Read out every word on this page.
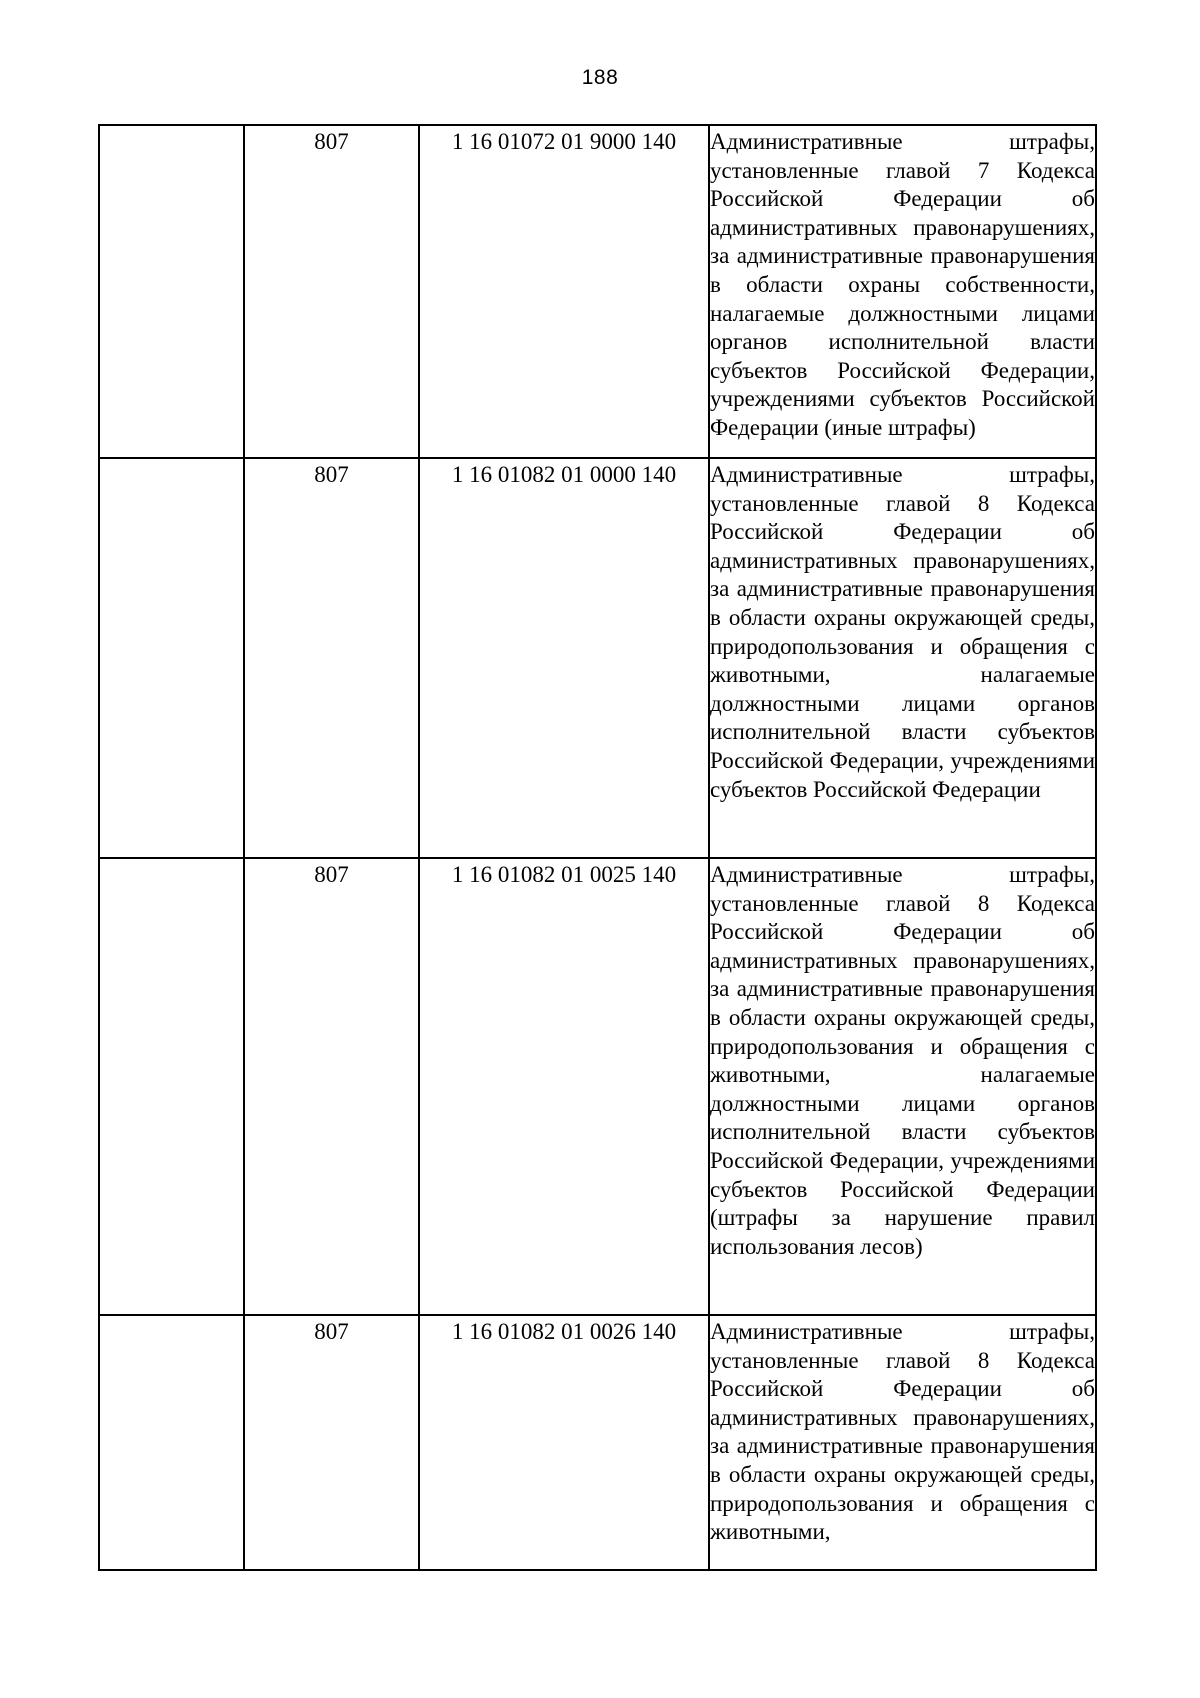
188
	807	1 16 01072 01 9000 140	Административные штрафы, установленные главой 7 Кодекса Российской Федерации об административных правонарушениях, за административные правонарушения в области охраны собственности, налагаемые должностными лицами органов исполнительной власти субъектов Российской Федерации, учреждениями субъектов Российской Федерации (иные штрафы)

	807	1 16 01082 01 0000 140	Административные штрафы, установленные главой 8 Кодекса Российской Федерации об административных правонарушениях, за административные правонарушения в области охраны окружающей среды, природопользования и обращения с животными, налагаемые должностными лицами органов исполнительной власти субъектов Российской Федерации, учреждениями субъектов Российской Федерации

	807	1 16 01082 01 0025 140	Административные штрафы, установленные главой 8 Кодекса Российской Федерации об административных правонарушениях, за административные правонарушения в области охраны окружающей среды, природопользования и обращения с животными, налагаемые должностными лицами органов исполнительной власти субъектов Российской Федерации, учреждениями субъектов Российской Федерации (штрафы за нарушение правил использования лесов)

	807	1 16 01082 01 0026 140	Административные штрафы, установленные главой 8 Кодекса Российской Федерации об административных правонарушениях, за административные правонарушения в области охраны окружающей среды, природопользования и обращения с животными,
